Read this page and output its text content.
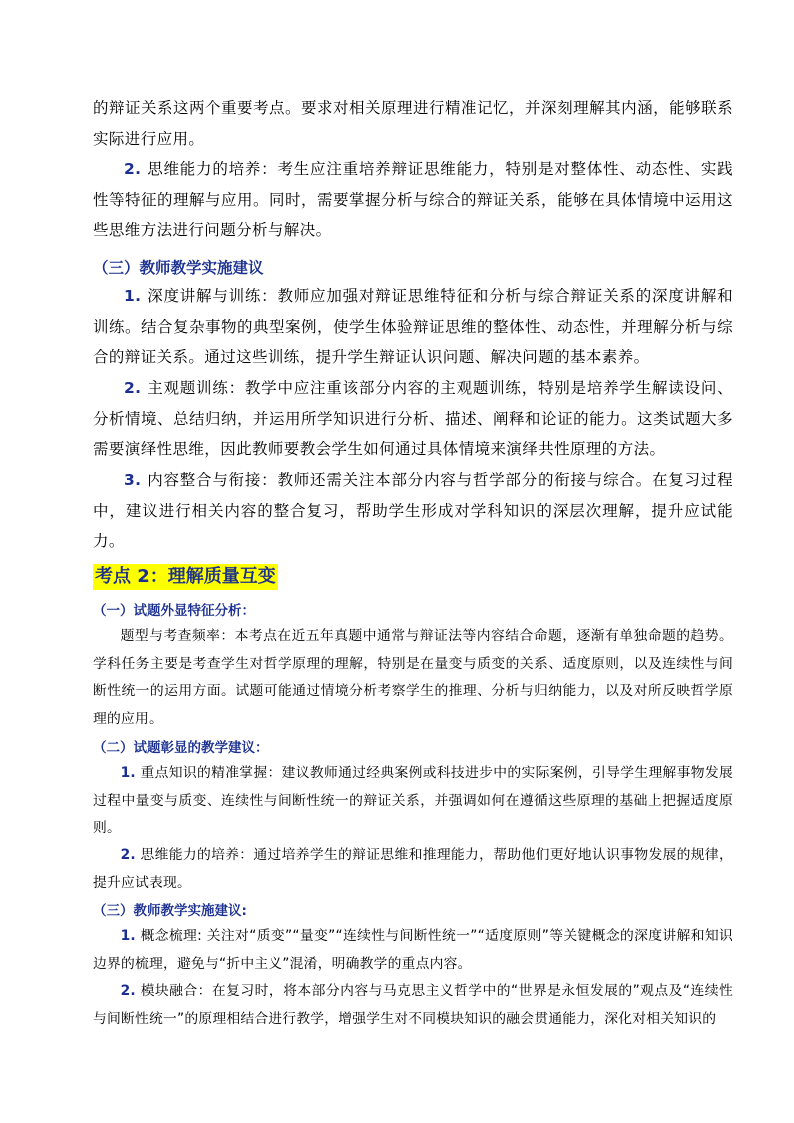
的辩证关系这两个重要考点。要求对相关原理进行精准记忆，并深刻理解其内涵，能够联系实际进行应用。

2. 思维能力的培养：考生应注重培养辩证思维能力，特别是对整体性、动态性、实践性等特征的理解与应用。同时，需要掌握分析与综合的辩证关系，能够在具体情境中运用这些思维方法进行问题分析与解决。

（三）教师教学实施建议

1. 深度讲解与训练：教师应加强对辩证思维特征和分析与综合辩证关系的深度讲解和训练。结合复杂事物的典型案例，使学生体验辩证思维的整体性、动态性，并理解分析与综合的辩证关系。通过这些训练，提升学生辩证认识问题、解决问题的基本素养。

2. 主观题训练：教学中应注重该部分内容的主观题训练，特别是培养学生解读设问、分析情境、总结归纳，并运用所学知识进行分析、描述、阐释和论证的能力。这类试题大多需要演绎性思维，因此教师要教会学生如何通过具体情境来演绎共性原理的方法。

3. 内容整合与衔接：教师还需关注本部分内容与哲学部分的衔接与综合。在复习过程中，建议进行相关内容的整合复习，帮助学生形成对学科知识的深层次理解，提升应试能力。

考点 2：理解质量互变

（一）试题外显特征分析：

题型与考查频率：本考点在近五年真题中通常与辩证法等内容结合命题，逐渐有单独命题的趋势。学科任务主要是考查学生对哲学原理的理解，特别是在量变与质变的关系、适度原则，以及连续性与间断性统一的运用方面。试题可能通过情境分析考察学生的推理、分析与归纳能力，以及对所反映哲学原理的应用。

（二）试题彰显的教学建议：

1. 重点知识的精准掌握：建议教师通过经典案例或科技进步中的实际案例，引导学生理解事物发展过程中量变与质变、连续性与间断性统一的辩证关系，并强调如何在遵循这些原理的基础上把握适度原则。

2. 思维能力的培养：通过培养学生的辩证思维和推理能力，帮助他们更好地认识事物发展的规律，提升应试表现。

（三）教师教学实施建议:

1. 概念梳理: 关注对“质变”“量变”“连续性与间断性统一”“适度原则”等关键概念的深度讲解和知识边界的梳理，避免与“折中主义”混淆，明确教学的重点内容。

2. 模块融合：在复习时，将本部分内容与马克思主义哲学中的“世界是永恒发展的”观点及“连续性与间断性统一”的原理相结合进行教学，增强学生对不同模块知识的融会贯通能力，深化对相关知识的
